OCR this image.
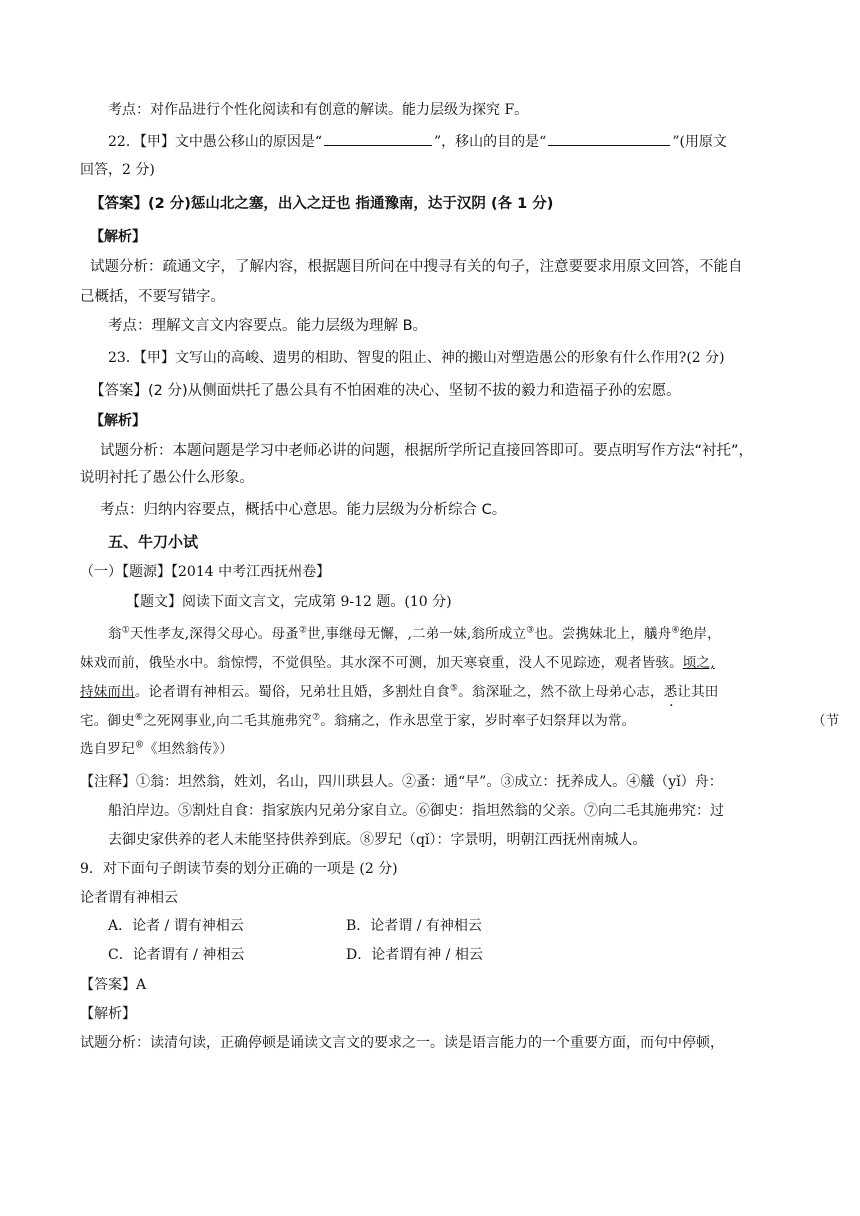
考点：对作品进行个性化阅读和有创意的解读。能力层级为探究 F。
22．【甲】文中愚公移山的原因是“	”，移山的目的是“	”(用原文
回答，2 分)
【答案】(2 分)惩山北之塞，出入之迂也 指通豫南，达于汉阴 (各 1 分)
【解析】
试题分析：疏通文字，了解内容，根据题目所问在中搜寻有关的句子，注意要要求用原文回答，不能自
己概括，不要写错字。
考点：理解文言文内容要点。能力层级为理解 B。
23．【甲】文写山的高峻、遗男的相助、智叟的阻止、神的搬山对塑造愚公的形象有什么作用?(2 分)
【答案】(2 分)从侧面烘托了愚公具有不怕困难的决心、坚韧不拔的毅力和造福子孙的宏愿。
【解析】
试题分析：本题问题是学习中老师必讲的问题，根据所学所记直接回答即可。要点明写作方法“衬托”，
说明衬托了愚公什么形象。
考点：归纳内容要点，概括中心意思。能力层级为分析综合 C。
五、牛刀小试
（一）【题源】【2014 中考江西抚州卷】
【题文】阅读下面文言文，完成第 9-12 题。(10 分)
翁①天性孝友,深得父母心。母蚤②世,事继母无懈，,二弟一妹,翁所成立③也。尝携妹北上，艤舟④绝岸，
妹戏而前，俄坠水中。翁惊愕，不觉俱坠。其水深不可测，加天寒衰重，没人不见踪迹，观者皆骇。顷之,
持妹而出。论者谓有神相云。蜀俗，兄弟壮且婚，多割灶自食⑤。翁深耻之，然不欲上母弟心志，悉让其田
宅。御史⑥之死网事业,向二毛其施弗究⑦。翁痛之，作永思堂于家，岁时率子妇祭拜以为常。	（节
选自罗玘®《坦然翁传》）
【注释】①翁：坦然翁，姓刘，名山，四川珙县人。②蚤：通“早”。③成立：抚养成人。④艤（yǐ）舟：
船泊岸边。⑤割灶自食：指家族内兄弟分家自立。⑥御史：指坦然翁的父亲。⑦向二毛其施弗究：过
去御史家供养的老人未能坚持供养到底。⑧罗玘（qǐ）：字景明，明朝江西抚州南城人。
9．对下面句子朗读节奏的划分正确的一项是 (2 分)
论者谓有神相云
A．论者 / 谓有神相云	B．论者谓 / 有神相云
C．论者谓有 / 神相云	D．论者谓有神 / 相云
【答案】A
【解析】
试题分析：读清句读，正确停顿是诵读文言文的要求之一。读是语言能力的一个重要方面，而句中停顿，
